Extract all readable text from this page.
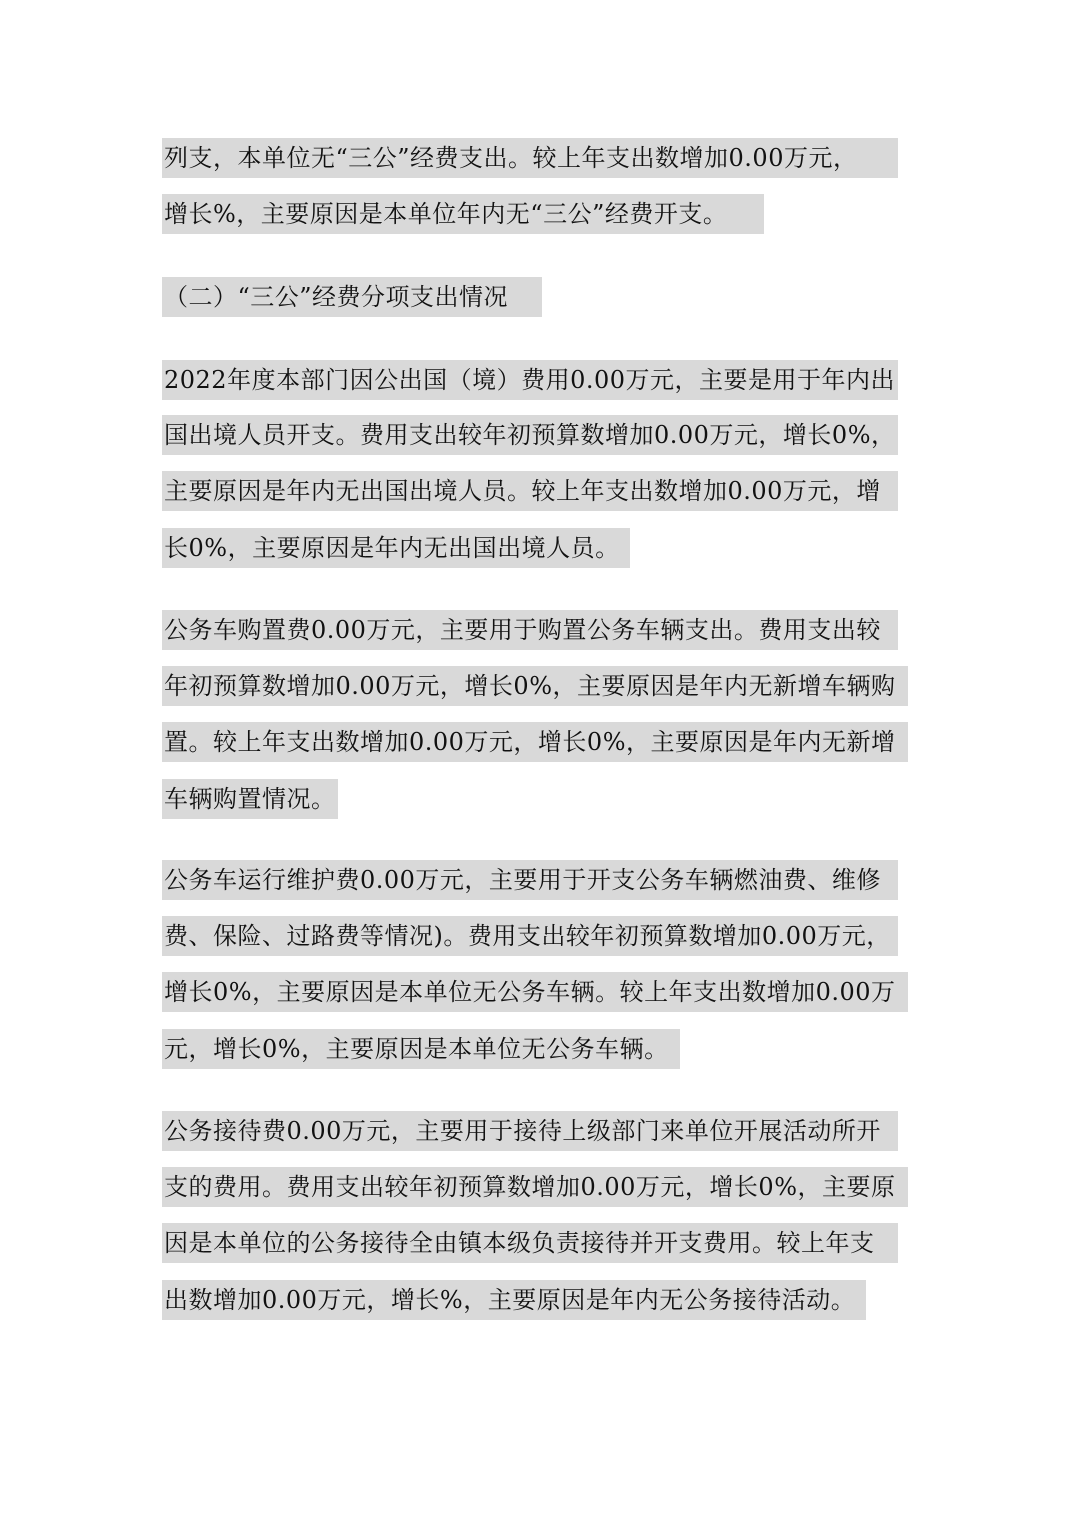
列支，本单位无“三公”经费支出。较上年支出数增加0.00万元，
增长%，主要原因是本单位年内无“三公”经费开支。
（二）“三公”经费分项支出情况
2022年度本部门因公出国（境）费用0.00万元，主要是用于年内出
国出境人员开支。费用支出较年初预算数增加0.00万元，增长0%，
主要原因是年内无出国出境人员。较上年支出数增加0.00万元，增
长0%，主要原因是年内无出国出境人员。
公务车购置费0.00万元，主要用于购置公务车辆支出。费用支出较
年初预算数增加0.00万元，增长0%，主要原因是年内无新增车辆购
置。较上年支出数增加0.00万元，增长0%，主要原因是年内无新增
车辆购置情况。
公务车运行维护费0.00万元，主要用于开支公务车辆燃油费、维修
费、保险、过路费等情况)。费用支出较年初预算数增加0.00万元，
增长0%，主要原因是本单位无公务车辆。较上年支出数增加0.00万
元，增长0%，主要原因是本单位无公务车辆。
公务接待费0.00万元，主要用于接待上级部门来单位开展活动所开
支的费用。费用支出较年初预算数增加0.00万元，增长0%，主要原
因是本单位的公务接待全由镇本级负责接待并开支费用。较上年支
出数增加0.00万元，增长%，主要原因是年内无公务接待活动。
